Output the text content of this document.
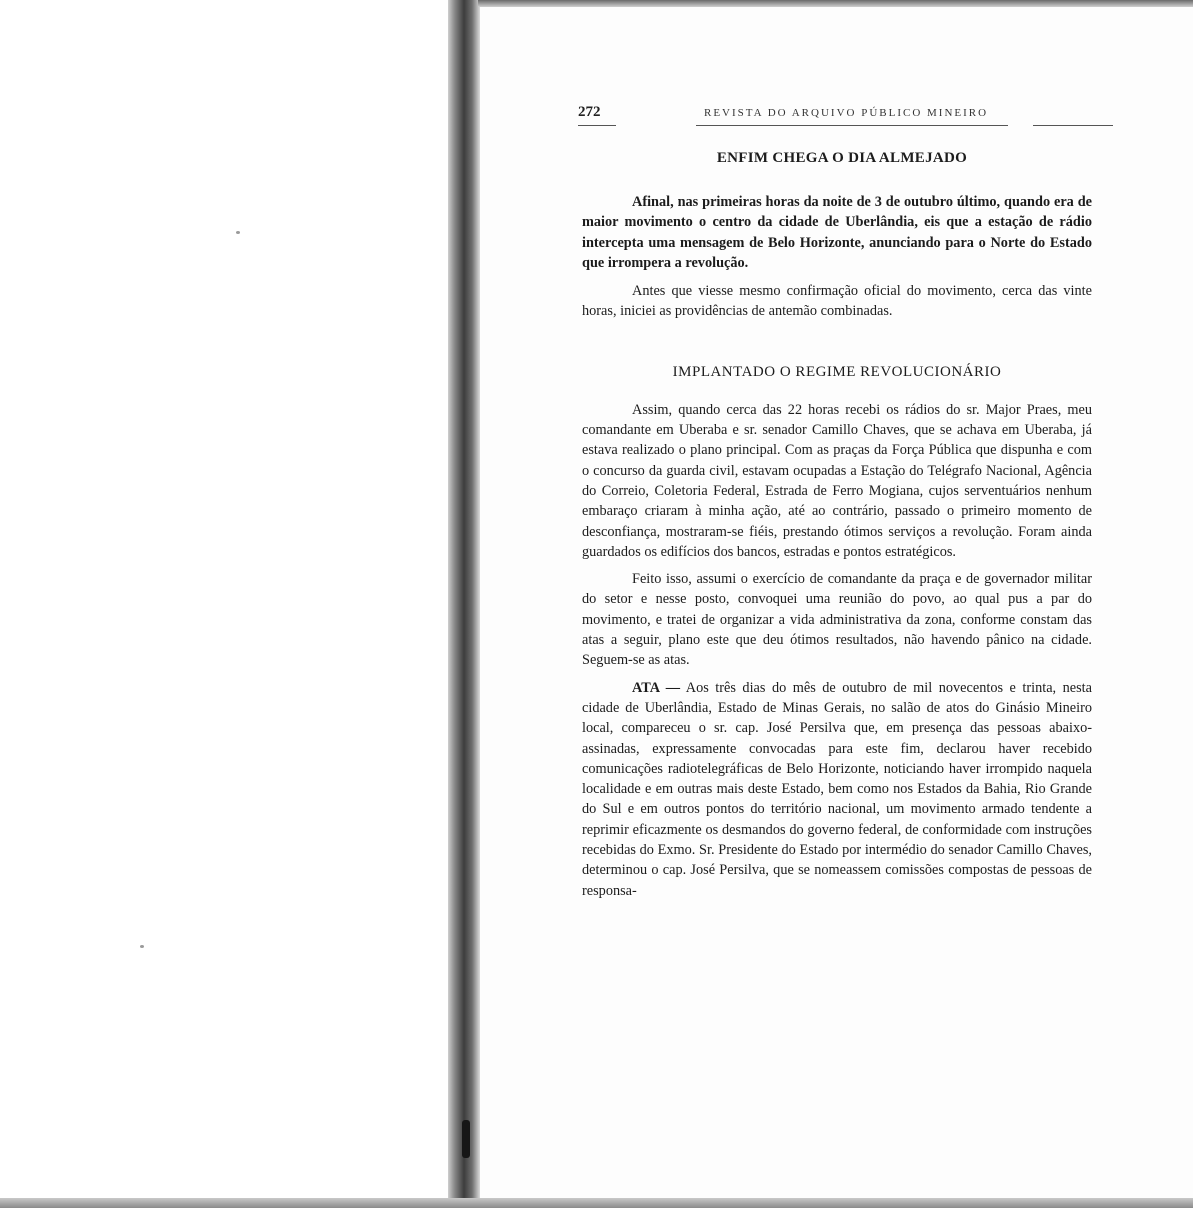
272	REVISTA DO ARQUIVO PÚBLICO MINEIRO
ENFIM CHEGA O DIA ALMEJADO

Afinal, nas primeiras horas da noite de 3 de outubro último, quando era de maior movimento o centro da cidade de Uberlândia, eis que a estação de rádio intercepta uma mensagem de Belo Horizonte, anunciando para o Norte do Estado que irrompera a revolução.

Antes que viesse mesmo confirmação oficial do movimento, cerca das vinte horas, iniciei as providências de antemão combinadas.

IMPLANTADO O REGIME REVOLUCIONÁRIO

Assim, quando cerca das 22 horas recebi os rádios do sr. Major Praes, meu comandante em Uberaba e sr. senador Camillo Chaves, que se achava em Uberaba, já estava realizado o plano principal. Com as praças da Força Pública que dispunha e com o concurso da guarda civil, estavam ocupadas a Estação do Telégrafo Nacional, Agência do Correio, Coletoria Federal, Estrada de Ferro Mogiana, cujos serventuários nenhum embaraço criaram à minha ação, até ao contrário, passado o primeiro momento de desconfiança, mostraram-se fiéis, prestando ótimos serviços a revolução. Foram ainda guardados os edifícios dos bancos, estradas e pontos estratégicos.

Feito isso, assumi o exercício de comandante da praça e de governador militar do setor e nesse posto, convoquei uma reunião do povo, ao qual pus a par do movimento, e tratei de organizar a vida administrativa da zona, conforme constam das atas a seguir, plano este que deu ótimos resultados, não havendo pânico na cidade. Seguem-se as atas.

ATA — Aos três dias do mês de outubro de mil novecentos e trinta, nesta cidade de Uberlândia, Estado de Minas Gerais, no salão de atos do Ginásio Mineiro local, compareceu o sr. cap. José Persilva que, em presença das pessoas abaixo-assinadas, expressamente convocadas para este fim, declarou haver recebido comunicações radiotelegráficas de Belo Horizonte, noticiando haver irrompido naquela localidade e em outras mais deste Estado, bem como nos Estados da Bahia, Rio Grande do Sul e em outros pontos do território nacional, um movimento armado tendente a reprimir eficazmente os desmandos do governo federal, de conformidade com instruções recebidas do Exmo. Sr. Presidente do Estado por intermédio do senador Camillo Chaves, determinou o cap. José Persilva, que se nomeassem comissões compostas de pessoas de responsa-
